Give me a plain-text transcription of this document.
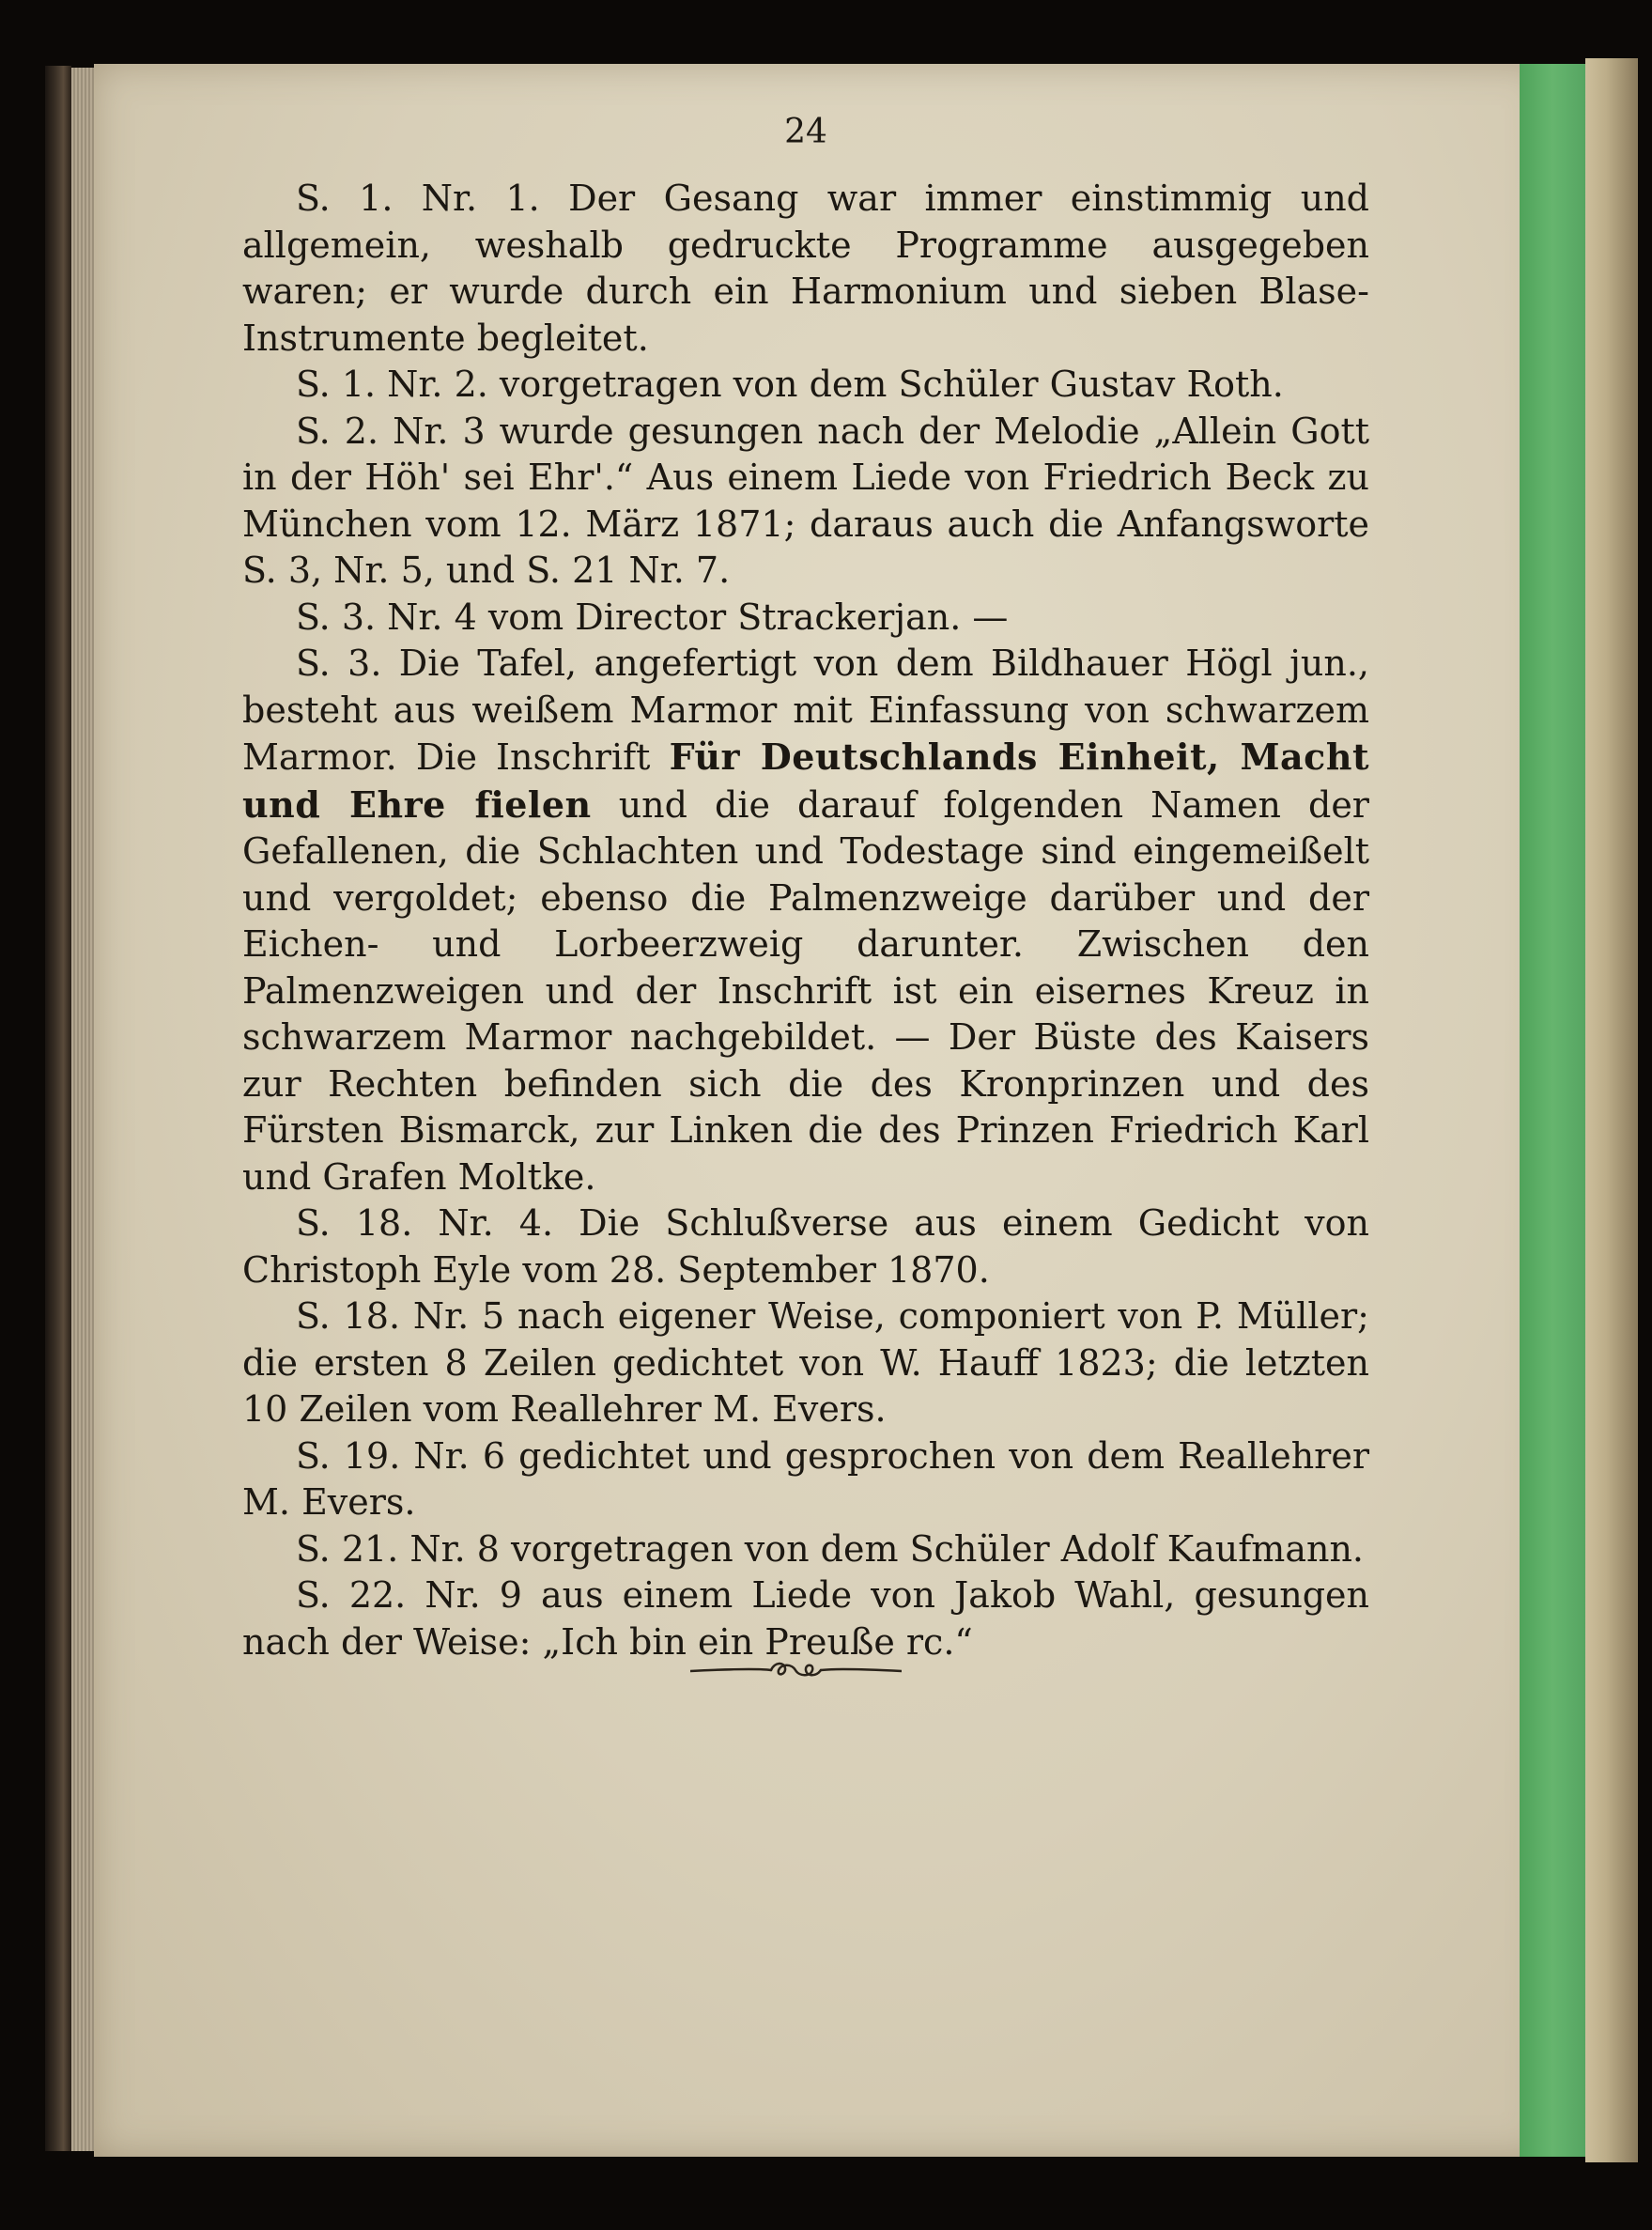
24

S. 1. Nr. 1. Der Gesang war immer einstimmig und allgemein, weshalb gedruckte Programme ausgegeben waren; er wurde durch ein Harmonium und sieben Blase-Instrumente begleitet.

S. 1. Nr. 2. vorgetragen von dem Schüler Gustav Roth.

S. 2. Nr. 3 wurde gesungen nach der Melodie „Allein Gott in der Höh' sei Ehr'.“ Aus einem Liede von Friedrich Beck zu München vom 12. März 1871; daraus auch die Anfangsworte S. 3, Nr. 5, und S. 21 Nr. 7.

S. 3. Nr. 4 vom Director Strackerjan. —

S. 3. Die Tafel, angefertigt von dem Bildhauer Högl jun., besteht aus weißem Marmor mit Einfassung von schwarzem Marmor. Die Inschrift Für Deutschlands Einheit, Macht und Ehre fielen und die darauf folgenden Namen der Gefallenen, die Schlachten und Todestage sind eingemeißelt und vergoldet; ebenso die Palmenzweige darüber und der Eichen- und Lorbeerzweig darunter. Zwischen den Palmenzweigen und der Inschrift ist ein eisernes Kreuz in schwarzem Marmor nachgebildet. — Der Büste des Kaisers zur Rechten befinden sich die des Kronprinzen und des Fürsten Bismarck, zur Linken die des Prinzen Friedrich Karl und Grafen Moltke.

S. 18. Nr. 4. Die Schlußverse aus einem Gedicht von Christoph Eyle vom 28. September 1870.

S. 18. Nr. 5 nach eigener Weise, componiert von P. Müller; die ersten 8 Zeilen gedichtet von W. Hauff 1823; die letzten 10 Zeilen vom Reallehrer M. Evers.

S. 19. Nr. 6 gedichtet und gesprochen von dem Reallehrer M. Evers.

S. 21. Nr. 8 vorgetragen von dem Schüler Adolf Kaufmann.

S. 22. Nr. 9 aus einem Liede von Jakob Wahl, gesungen nach der Weise: „Ich bin ein Preuße rc.“
